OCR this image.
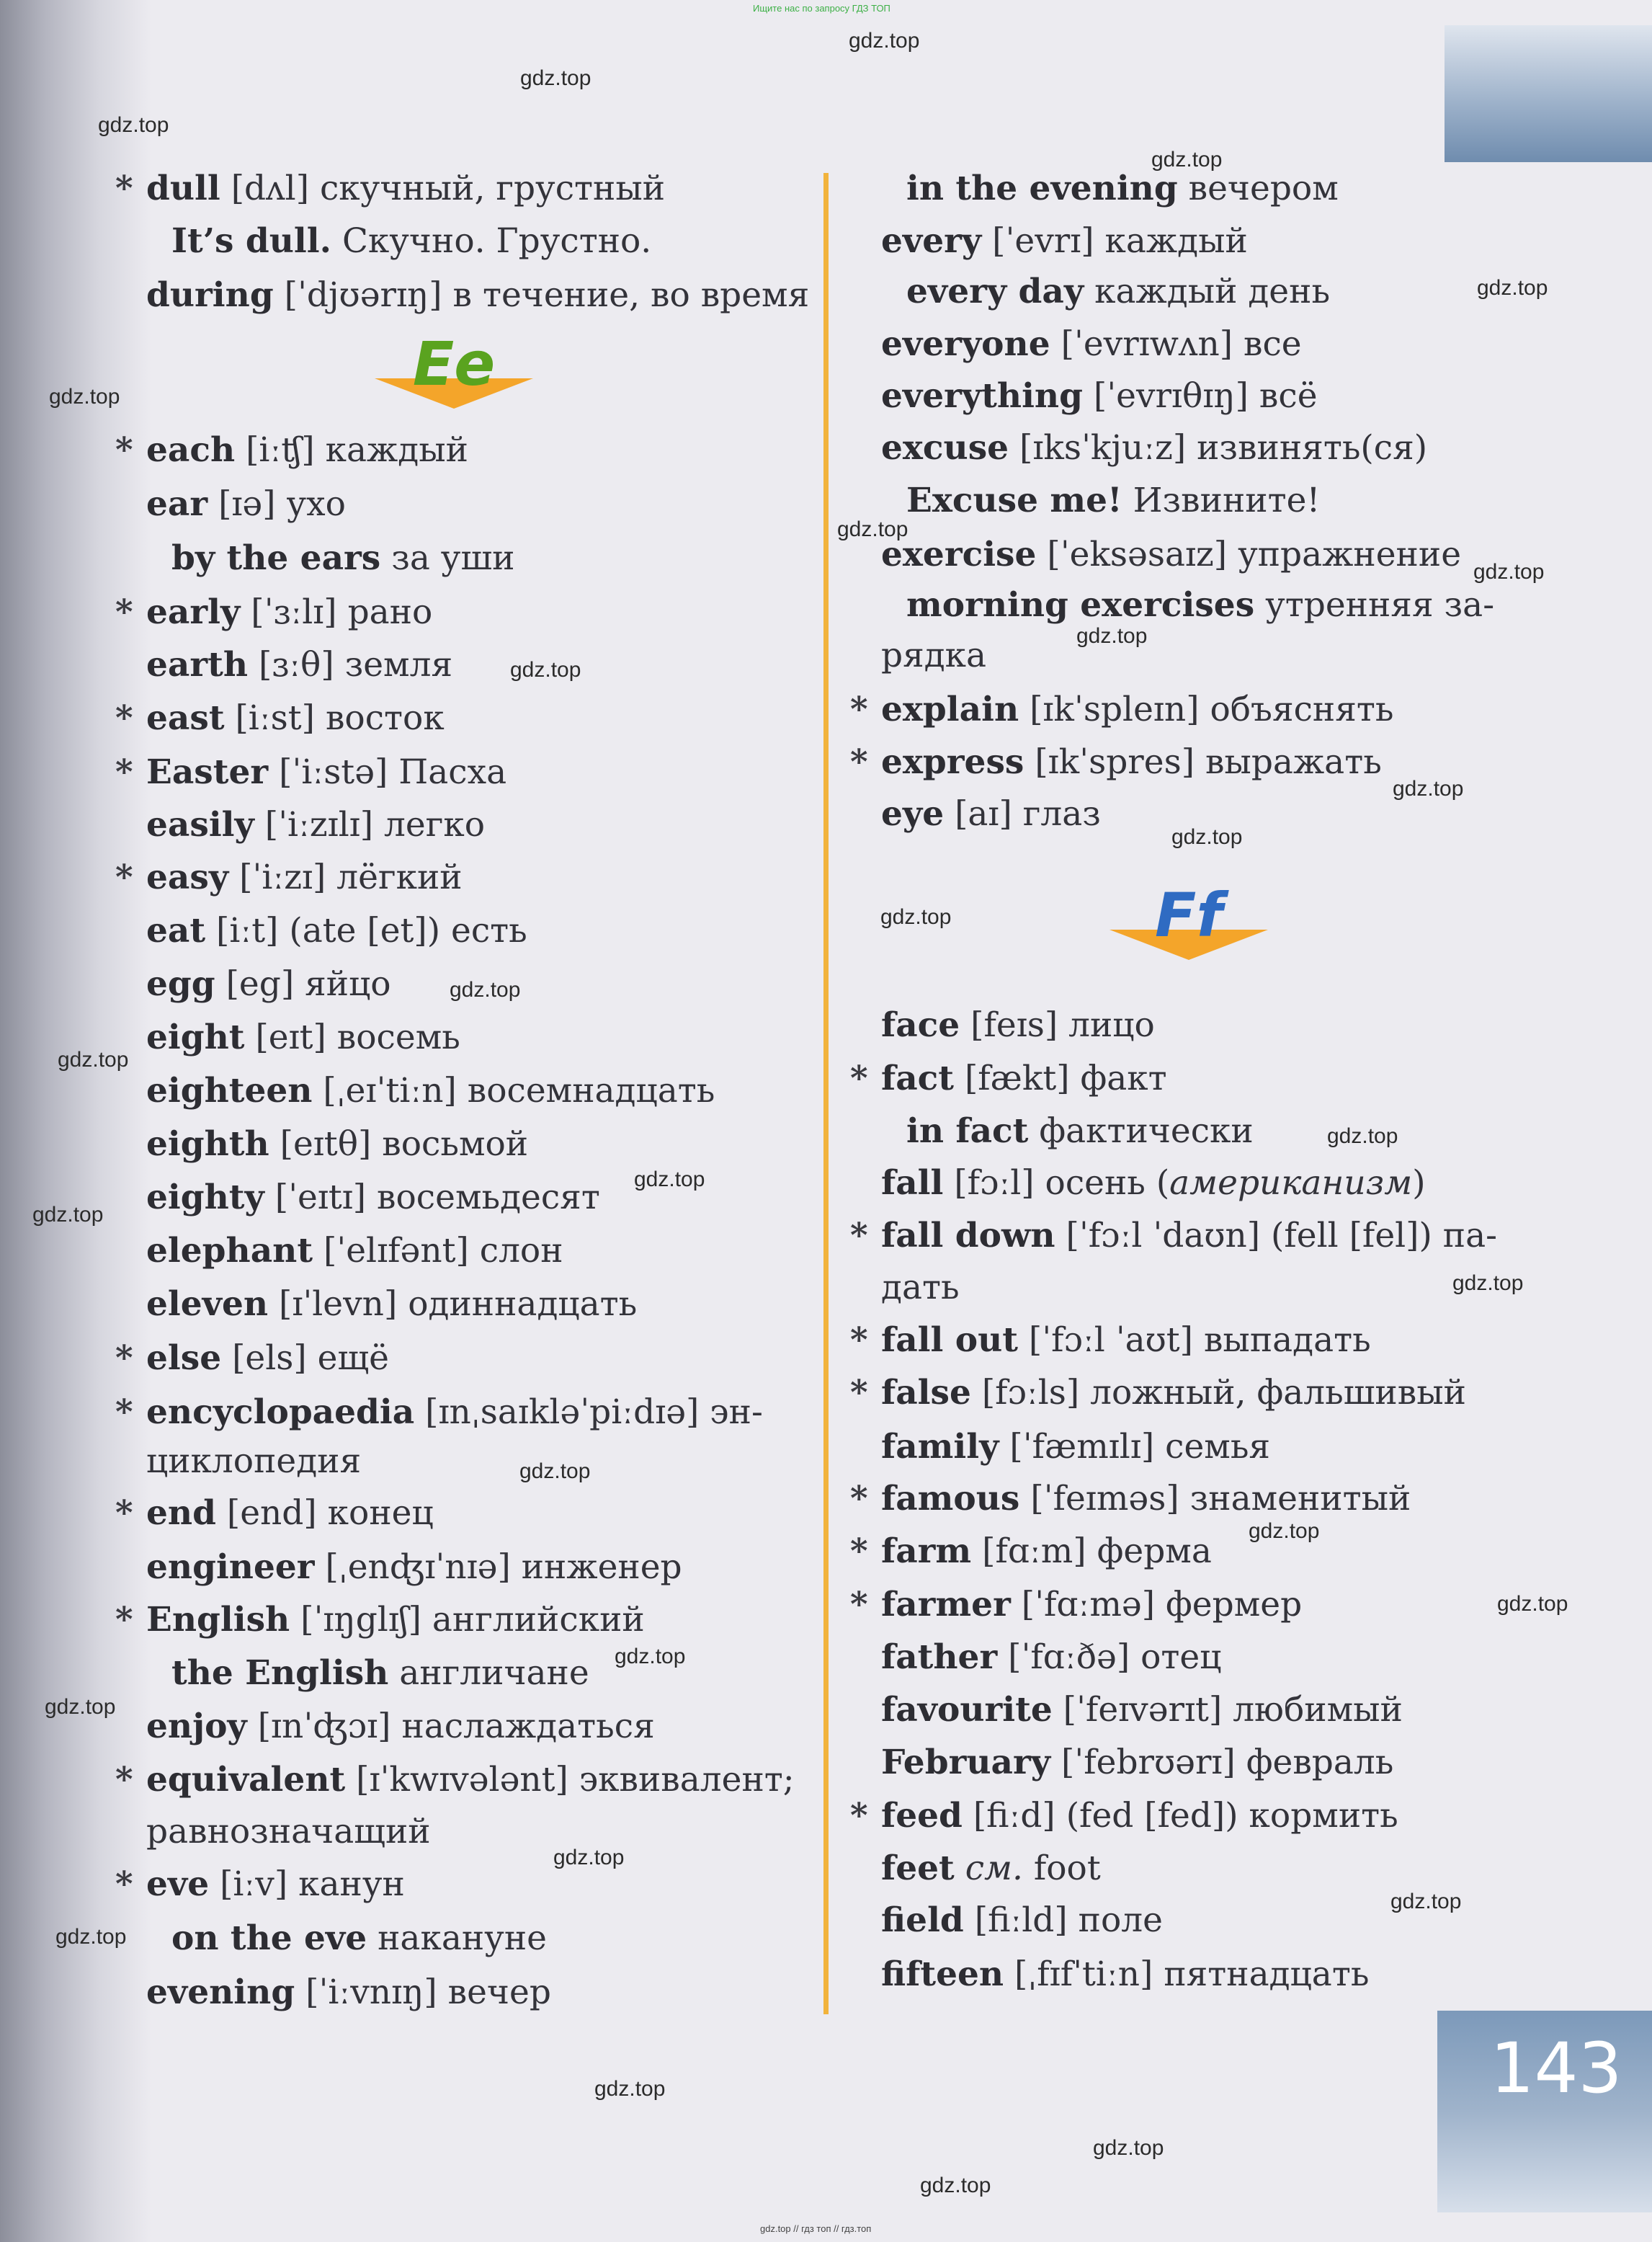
143
Ищите нас по запросу ГДЗ ТОП
gdz.top // гдз топ // гдз.топ
Ee
Ff
* dull [dʌl] скучный, грустный
It’s dull. Скучно. Грустно.
during [ˈdjʊərɪŋ] в течение, во время
* each [iːʧ] каждый
ear [ɪə] ухо
by the ears за уши
* early [ˈɜːlɪ] рано
earth [ɜːθ] земля
* east [iːst] восток
* Easter [ˈiːstə] Пасха
easily [ˈiːzɪlɪ] легко
* easy [ˈiːzɪ] лёгкий
eat [iːt] (ate [et]) есть
egg [eg] яйцо
eight [eɪt] восемь
eighteen [ˌeɪˈtiːn] восемнадцать
eighth [eɪtθ] восьмой
eighty [ˈeɪtɪ] восемьдесят
elephant [ˈelɪfənt] слон
eleven [ɪˈlevn] одиннадцать
* else [els] ещё
* encyclopaedia [ɪnˌsaɪkləˈpiːdɪə] эн-
циклопедия
* end [end] конец
engineer [ˌenʤɪˈnɪə] инженер
* English [ˈɪŋglɪʃ] английский
the English англичане
enjoy [ɪnˈʤɔɪ] наслаждаться
* equivalent [ɪˈkwɪvələnt] эквивалент;
равнозначащий
* eve [iːv] канун
on the eve накануне
evening [ˈiːvnɪŋ] вечер
in the evening вечером
every [ˈevrɪ] каждый
every day каждый день
everyone [ˈevrɪwʌn] все
everything [ˈevrɪθɪŋ] всё
excuse [ɪksˈkjuːz] извинять(ся)
Excuse me! Извините!
exercise [ˈeksəsaɪz] упражнение
morning exercises утренняя за-
рядка
* explain [ɪkˈspleɪn] объяснять
* express [ɪkˈspres] выражать
eye [aɪ] глаз
face [feɪs] лицо
* fact [fækt] факт
in fact фактически
fall [fɔːl] осень (американизм)
* fall down [ˈfɔːl ˈdaʊn] (fell [fel]) па-
дать
* fall out [ˈfɔːl ˈaʊt] выпадать
* false [fɔːls] ложный, фальшивый
family [ˈfæmɪlɪ] семья
* famous [ˈfeɪməs] знаменитый
* farm [fɑːm] ферма
* farmer [ˈfɑːmə] фермер
father [ˈfɑːðə] отец
favourite [ˈfeɪvərɪt] любимый
February [ˈfebrʊərɪ] февраль
* feed [fiːd] (fed [fed]) кормить
feet см. foot
field [fiːld] поле
fifteen [ˌfɪfˈtiːn] пятнадцать
gdz.top
gdz.top
gdz.top
gdz.top
gdz.top
gdz.top
gdz.top
gdz.top
gdz.top
gdz.top
gdz.top
gdz.top
gdz.top
gdz.top
gdz.top
gdz.top
gdz.top
gdz.top
gdz.top
gdz.top
gdz.top
gdz.top
gdz.top
gdz.top
gdz.top
gdz.top
gdz.top
gdz.top
gdz.top
gdz.top
